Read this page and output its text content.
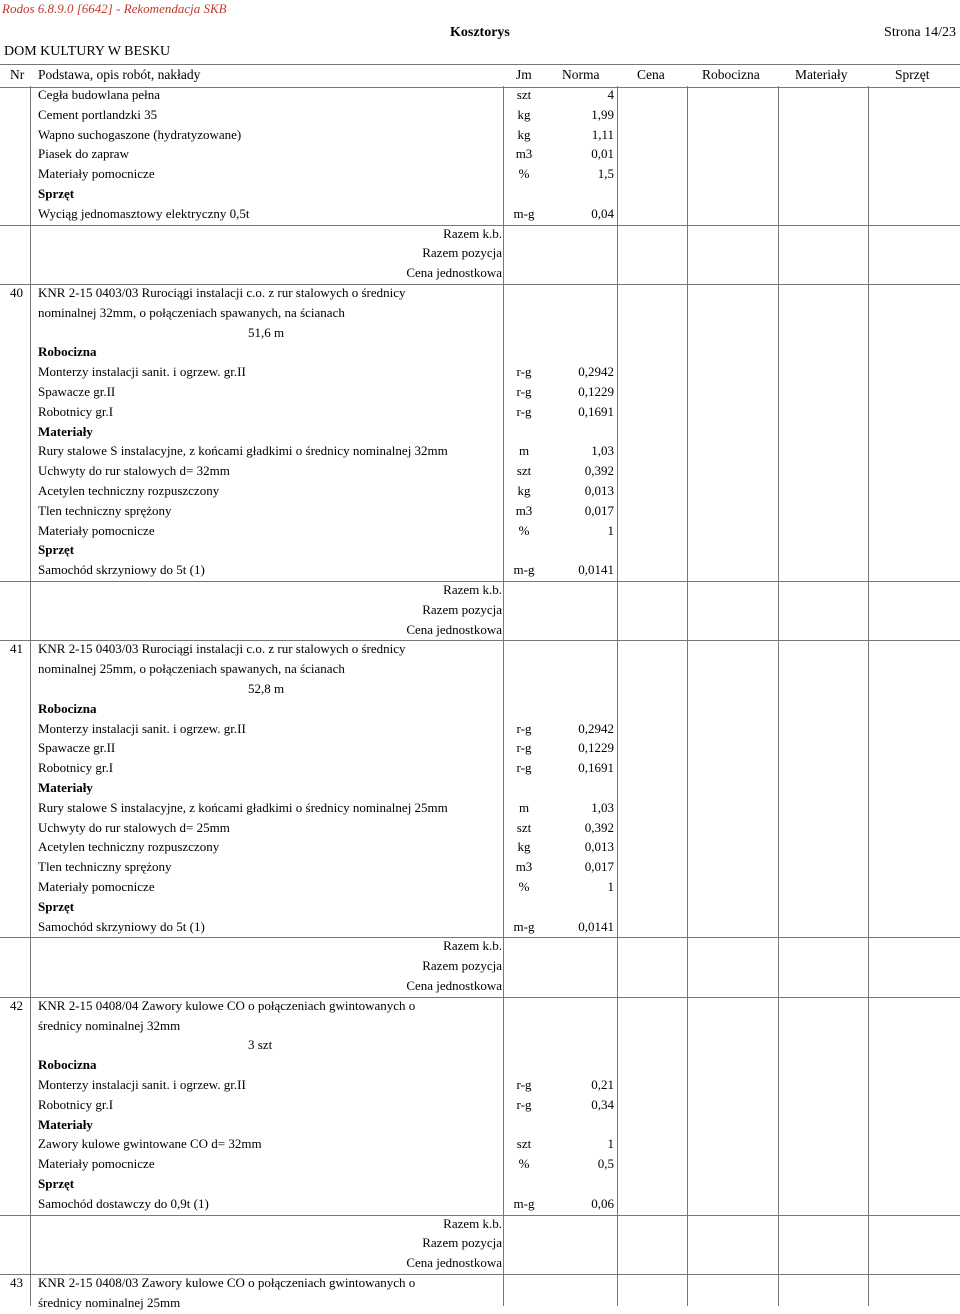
Rodos 6.8.9.0 [6642] - Rekomendacja SKB
Kosztorys	Strona 14/23
DOM KULTURY W BESKU
Nr Podstawa, opis robót, nakłady	Jm Norma	Cena	Robocizna	Materiały	Sprzęt
Cegła budowlana pełna	szt	4
Cement portlandzki 35	kg	1,99
Wapno suchogaszone (hydratyzowane)	kg	1,11
Piasek do zapraw	m3	0,01
Materiały pomocnicze	%	1,5
Sprzęt
Wyciąg jednomasztowy elektryczny 0,5t	m-g	0,04
Razem k.b.
Razem pozycja
Cena jednostkowa
40 KNR 2-15 0403/03 Rurociągi instalacji c.o. z rur stalowych o średnicy
nominalnej 32mm, o połączeniach spawanych, na ścianach
51,6 m
Robocizna
Monterzy instalacji sanit. i ogrzew. gr.II	r-g	0,2942
Spawacze gr.II	r-g	0,1229
Robotnicy gr.I	r-g	0,1691
Materiały
Rury stalowe S instalacyjne, z końcami gładkimi o średnicy nominalnej 32mm	m	1,03
Uchwyty do rur stalowych d= 32mm	szt	0,392
Acetylen techniczny rozpuszczony	kg	0,013
Tlen techniczny sprężony	m3	0,017
Materiały pomocnicze	%	1
Sprzęt
Samochód skrzyniowy do 5t (1)	m-g	0,0141
Razem k.b.
Razem pozycja
Cena jednostkowa
41 KNR 2-15 0403/03 Rurociągi instalacji c.o. z rur stalowych o średnicy
nominalnej 25mm, o połączeniach spawanych, na ścianach
52,8 m
Robocizna
Monterzy instalacji sanit. i ogrzew. gr.II	r-g	0,2942
Spawacze gr.II	r-g	0,1229
Robotnicy gr.I	r-g	0,1691
Materiały
Rury stalowe S instalacyjne, z końcami gładkimi o średnicy nominalnej 25mm	m	1,03
Uchwyty do rur stalowych d= 25mm	szt	0,392
Acetylen techniczny rozpuszczony	kg	0,013
Tlen techniczny sprężony	m3	0,017
Materiały pomocnicze	%	1
Sprzęt
Samochód skrzyniowy do 5t (1)	m-g	0,0141
Razem k.b.
Razem pozycja
Cena jednostkowa
42 KNR 2-15 0408/04 Zawory kulowe CO o połączeniach gwintowanych o
średnicy nominalnej 32mm
3 szt
Robocizna
Monterzy instalacji sanit. i ogrzew. gr.II	r-g	0,21
Robotnicy gr.I	r-g	0,34
Materiały
Zawory kulowe gwintowane CO d= 32mm	szt	1
Materiały pomocnicze	%	0,5
Sprzęt
Samochód dostawczy do 0,9t (1)	m-g	0,06
Razem k.b.
Razem pozycja
Cena jednostkowa
43 KNR 2-15 0408/03 Zawory kulowe CO o połączeniach gwintowanych o
średnicy nominalnej 25mm
